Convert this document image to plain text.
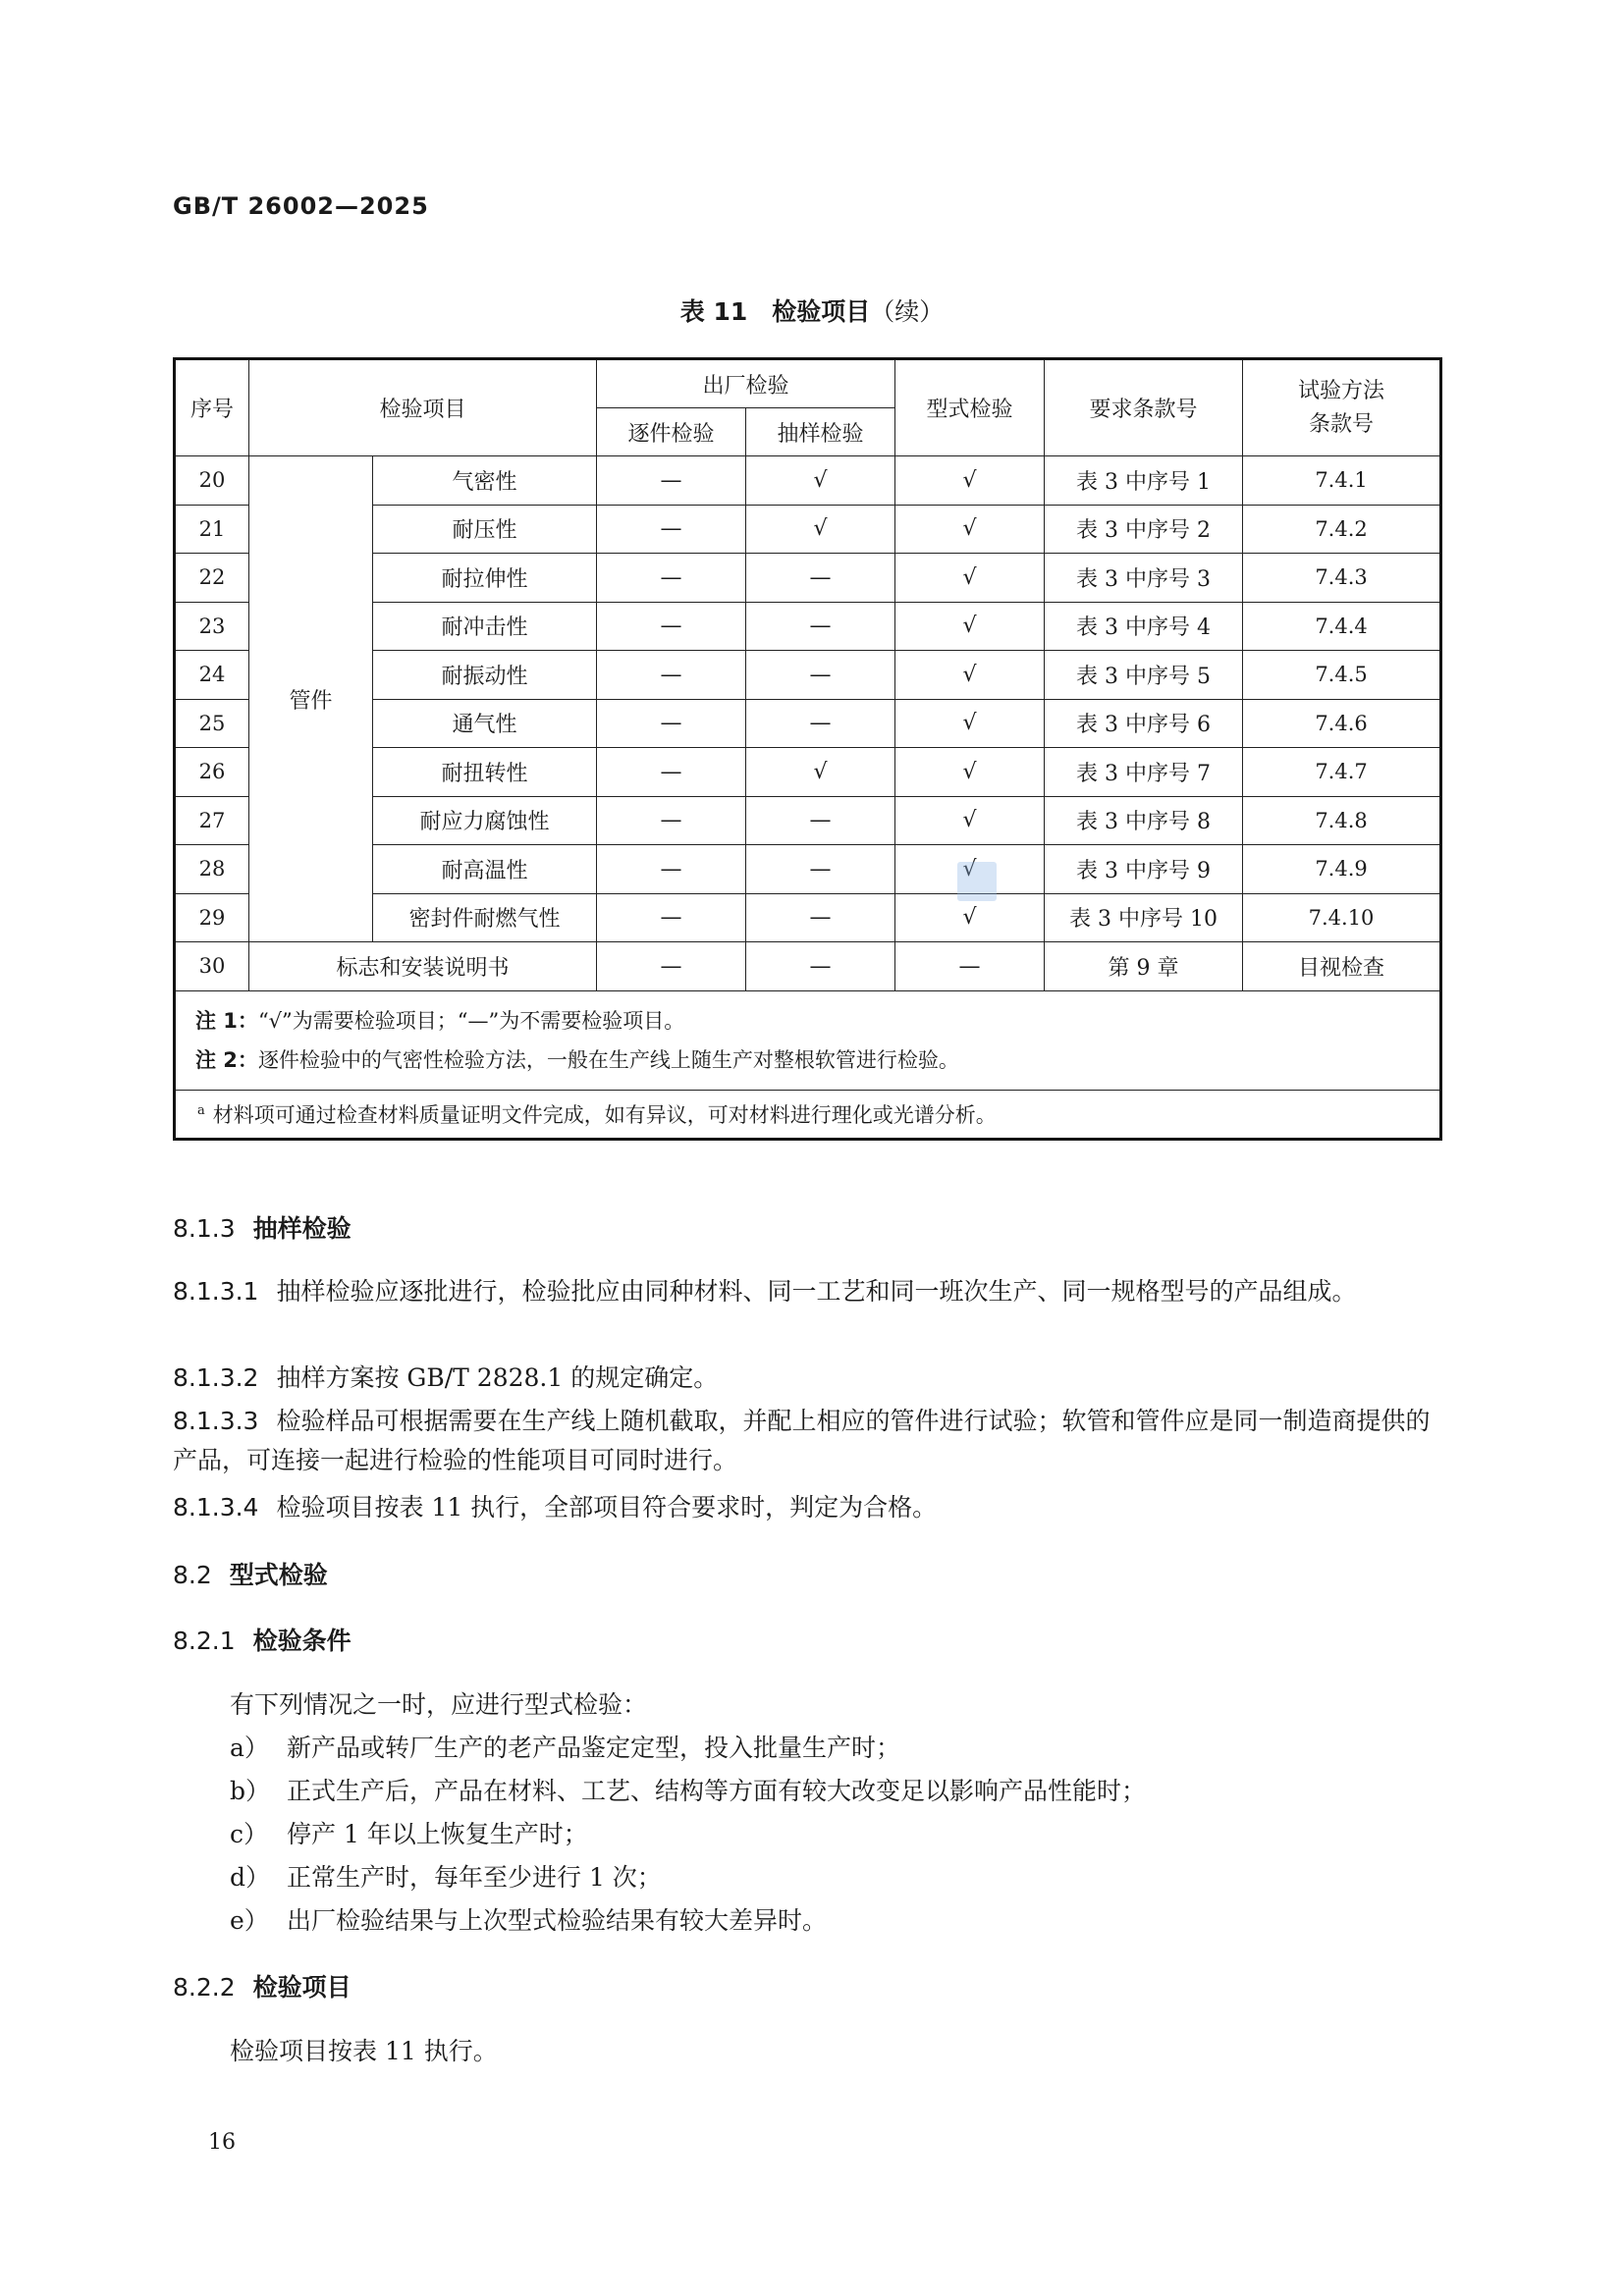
GB/T 26002—2025
表 11　检验项目（续）
序号	检验项目		出厂检验		型式检验	要求条款号	试验方法
条款号
			逐件检验	抽样检验			
20	管件	气密性	—	√	√	表 3 中序号 1	7.4.1
21		耐压性	—	√	√	表 3 中序号 2	7.4.2
22		耐拉伸性	—	—	√	表 3 中序号 3	7.4.3
23		耐冲击性	—	—	√	表 3 中序号 4	7.4.4
24		耐振动性	—	—	√	表 3 中序号 5	7.4.5
25		通气性	—	—	√	表 3 中序号 6	7.4.6
26		耐扭转性	—	√	√	表 3 中序号 7	7.4.7
27		耐应力腐蚀性	—	—	√	表 3 中序号 8	7.4.8
28		耐高温性	—	—	√	表 3 中序号 9	7.4.9
29		密封件耐燃气性	—	—	√	表 3 中序号 10	7.4.10
30	标志和安装说明书		—	—	—	第 9 章	目视检查

注 1：“√”为需要检验项目；“—”为不需要检验项目。
注 2：逐件检验中的气密性检验方法，一般在生产线上随生产对整根软管进行检验。							

$^a$ 材料项可通过检查材料质量证明文件完成，如有异议，可对材料进行理化或光谱分析。							
8.1.3 抽样检验
8.1.3.1 抽样检验应逐批进行，检验批应由同种材料、同一工艺和同一班次生产、同一规格型号的产品组成。
8.1.3.2 抽样方案按 GB/T 2828.1 的规定确定。
8.1.3.3 检验样品可根据需要在生产线上随机截取，并配上相应的管件进行试验；软管和管件应是同一制造商提供的产品，可连接一起进行检验的性能项目可同时进行。
8.1.3.4 检验项目按表 11 执行，全部项目符合要求时，判定为合格。
8.2 型式检验
8.2.1 检验条件
有下列情况之一时，应进行型式检验：
a） 新产品或转厂生产的老产品鉴定定型，投入批量生产时；
b） 正式生产后，产品在材料、工艺、结构等方面有较大改变足以影响产品性能时；
c） 停产 1 年以上恢复生产时；
d） 正常生产时，每年至少进行 1 次；
e） 出厂检验结果与上次型式检验结果有较大差异时。
8.2.2 检验项目
检验项目按表 11 执行。
16
